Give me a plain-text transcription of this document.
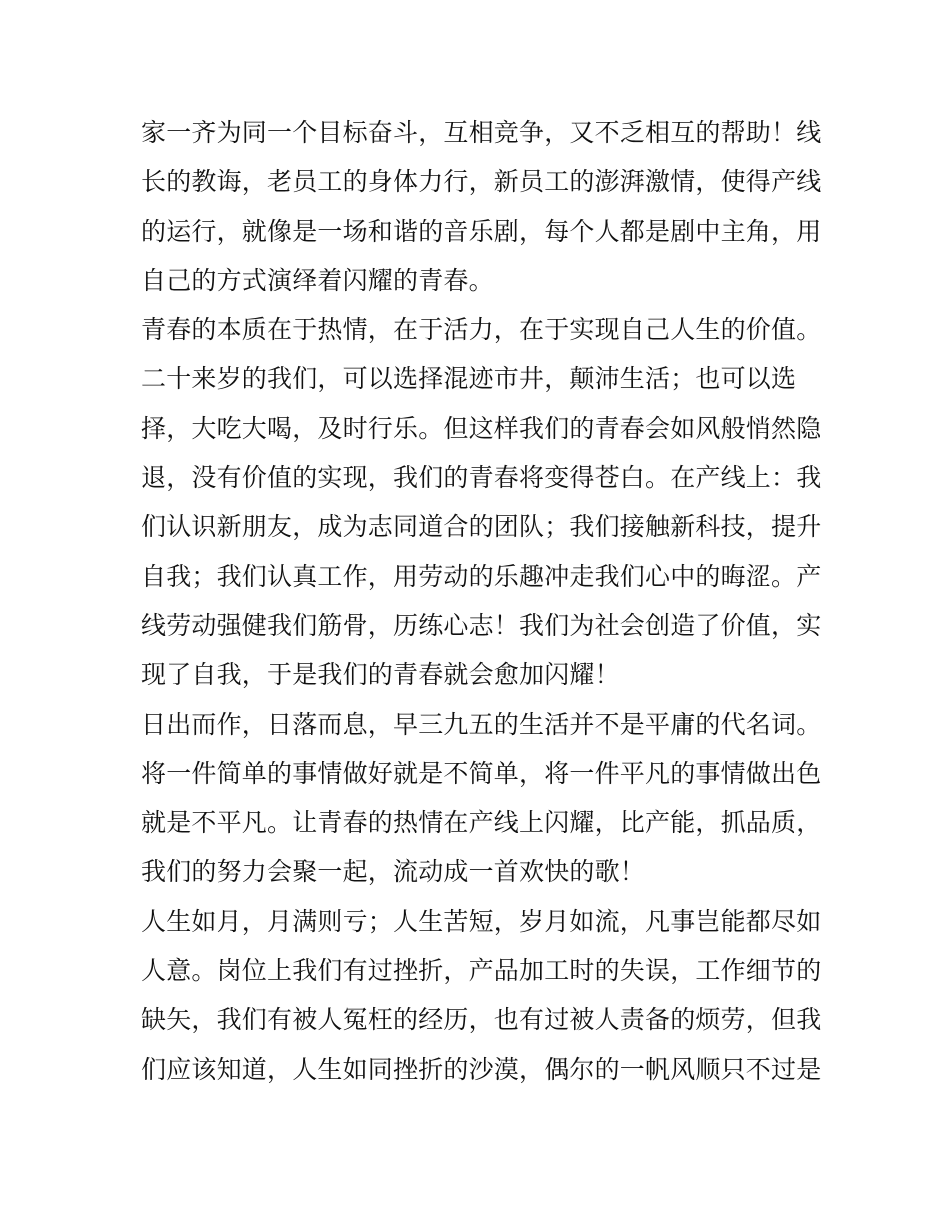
家一齐为同一个目标奋斗，互相竞争，又不乏相互的帮助！线
长的教诲，老员工的身体力行，新员工的澎湃激情，使得产线
的运行，就像是一场和谐的音乐剧，每个人都是剧中主角，用
自己的方式演绎着闪耀的青春。
青春的本质在于热情，在于活力，在于实现自己人生的价值。
二十来岁的我们，可以选择混迹市井，颠沛生活；也可以选
择，大吃大喝，及时行乐。但这样我们的青春会如风般悄然隐
退，没有价值的实现，我们的青春将变得苍白。在产线上：我
们认识新朋友，成为志同道合的团队；我们接触新科技，提升
自我；我们认真工作，用劳动的乐趣冲走我们心中的晦涩。产
线劳动强健我们筋骨，历练心志！我们为社会创造了价值，实
现了自我，于是我们的青春就会愈加闪耀！
日出而作，日落而息，早三九五的生活并不是平庸的代名词。
将一件简单的事情做好就是不简单，将一件平凡的事情做出色
就是不平凡。让青春的热情在产线上闪耀，比产能，抓品质，
我们的努力会聚一起，流动成一首欢快的歌！
人生如月，月满则亏；人生苦短，岁月如流，凡事岂能都尽如
人意。岗位上我们有过挫折，产品加工时的失误，工作细节的
缺矢，我们有被人冤枉的经历，也有过被人责备的烦劳，但我
们应该知道，人生如同挫折的沙漠，偶尔的一帆风顺只不过是
